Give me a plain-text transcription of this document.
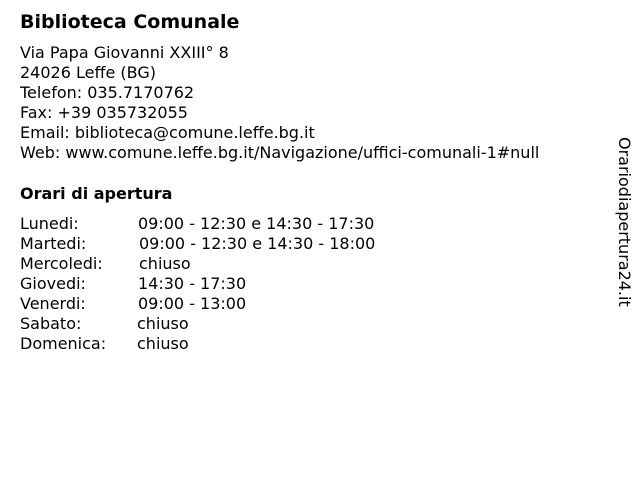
Biblioteca Comunale
Via Papa Giovanni XXIII° 8
24026 Leffe (BG)
Telefon: 035.7170762
Fax: +39 035732055
Email: biblioteca@comune.leffe.bg.it
Web: www.comune.leffe.bg.it/Navigazione/uffici-comunali-1#null
Orari di apertura
Lunedi:	09:00 - 12:30 e 14:30 - 17:30
Martedi:	09:00 - 12:30 e 14:30 - 18:00
Mercoledi: chiuso
Giovedi:	14:30 - 17:30
Venerdi:	09:00 - 13:00
Sabato:	chiuso
Domenica: chiuso
Orariodiapertura24.it
